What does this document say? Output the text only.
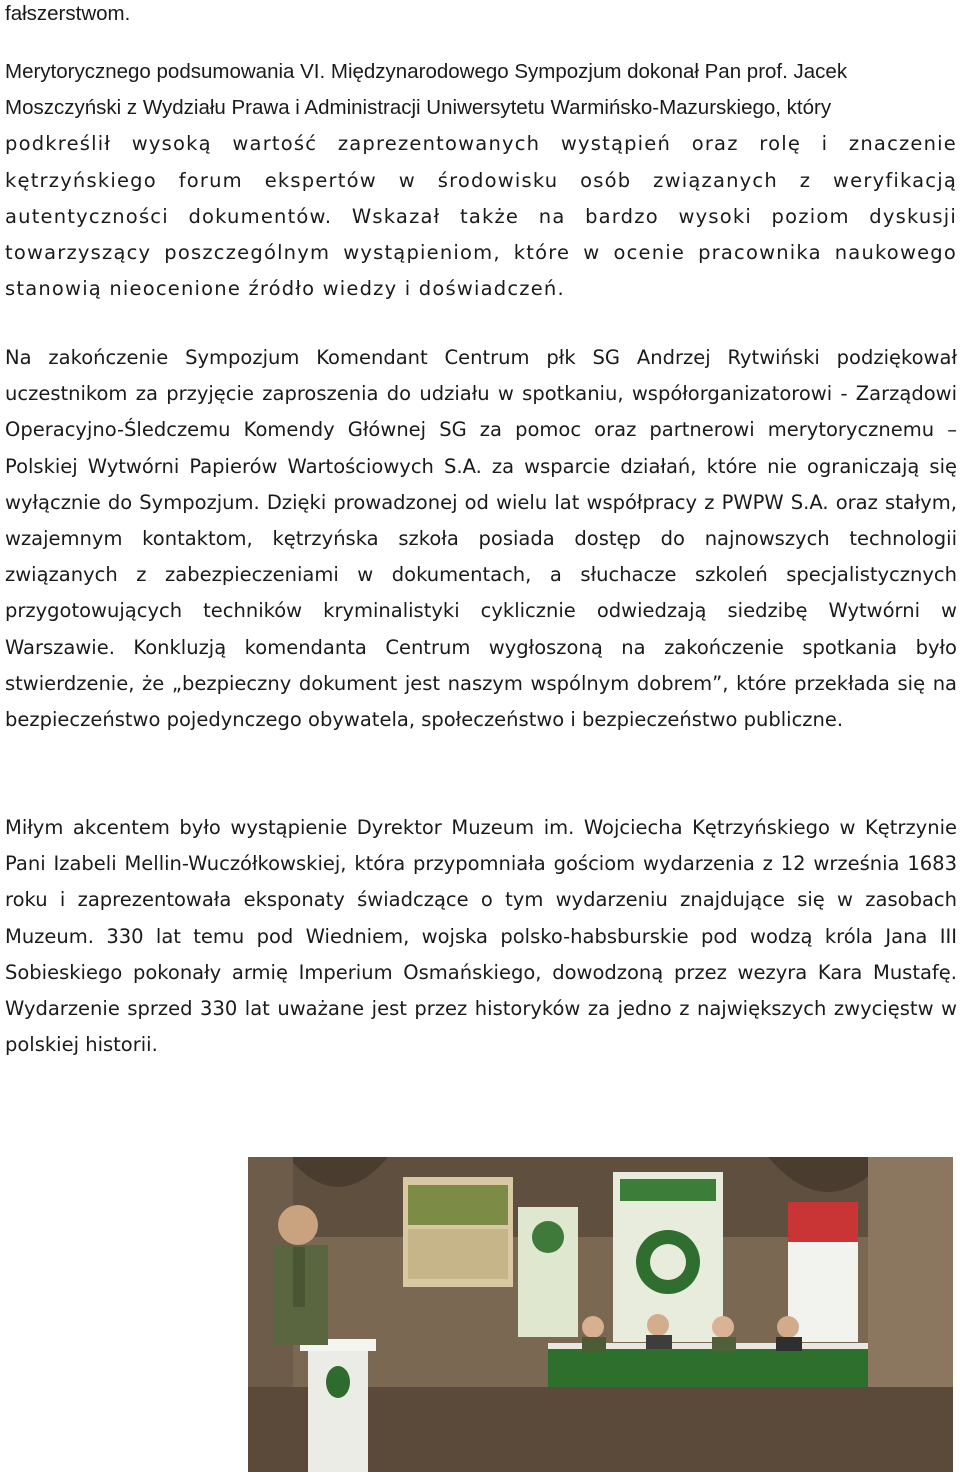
fałszerstwom.

Merytorycznego podsumowania VI. Międzynarodowego Sympozjum dokonał Pan prof. Jacek

Moszczyński z Wydziału Prawa i Administracji Uniwersytetu Warmińsko-Mazurskiego, który

podkreślił wysoką wartość zaprezentowanych wystąpień oraz rolę i znaczenie kętrzyńskiego forum ekspertów w środowisku osób związanych z weryfikacją autentyczności dokumentów. Wskazał także na bardzo wysoki poziom dyskusji towarzyszący poszczególnym wystąpieniom, które w ocenie pracownika naukowego stanowią nieocenione źródło wiedzy i doświadczeń.

Na zakończenie Sympozjum Komendant Centrum płk SG Andrzej Rytwiński podziękował uczestnikom za przyjęcie zaproszenia do udziału w spotkaniu, współorganizatorowi - Zarządowi Operacyjno-Śledczemu Komendy Głównej SG za pomoc oraz partnerowi merytorycznemu – Polskiej Wytwórni Papierów Wartościowych S.A. za wsparcie działań, które nie ograniczają się wyłącznie do Sympozjum. Dzięki prowadzonej od wielu lat współpracy z PWPW S.A. oraz stałym, wzajemnym kontaktom, kętrzyńska szkoła posiada dostęp do najnowszych technologii związanych z zabezpieczeniami w dokumentach, a słuchacze szkoleń specjalistycznych przygotowujących techników kryminalistyki cyklicznie odwiedzają siedzibę Wytwórni w Warszawie. Konkluzją komendanta Centrum wygłoszoną na zakończenie spotkania było stwierdzenie, że „bezpieczny dokument jest naszym wspólnym dobrem”, które przekłada się na bezpieczeństwo pojedynczego obywatela, społeczeństwo i bezpieczeństwo publiczne.

Miłym akcentem było wystąpienie Dyrektor Muzeum im. Wojciecha Kętrzyńskiego w Kętrzynie Pani Izabeli Mellin-Wuczółkowskiej, która przypomniała gościom wydarzenia z 12 września 1683 roku i zaprezentowała eksponaty świadczące o tym wydarzeniu znajdujące się w zasobach Muzeum. 330 lat temu pod Wiedniem, wojska polsko-habsburskie pod wodzą króla Jana III Sobieskiego pokonały armię Imperium Osmańskiego, dowodzoną przez wezyra Kara Mustafę. Wydarzenie sprzed 330 lat uważane jest przez historyków za jedno z największych zwycięstw w polskiej historii.
